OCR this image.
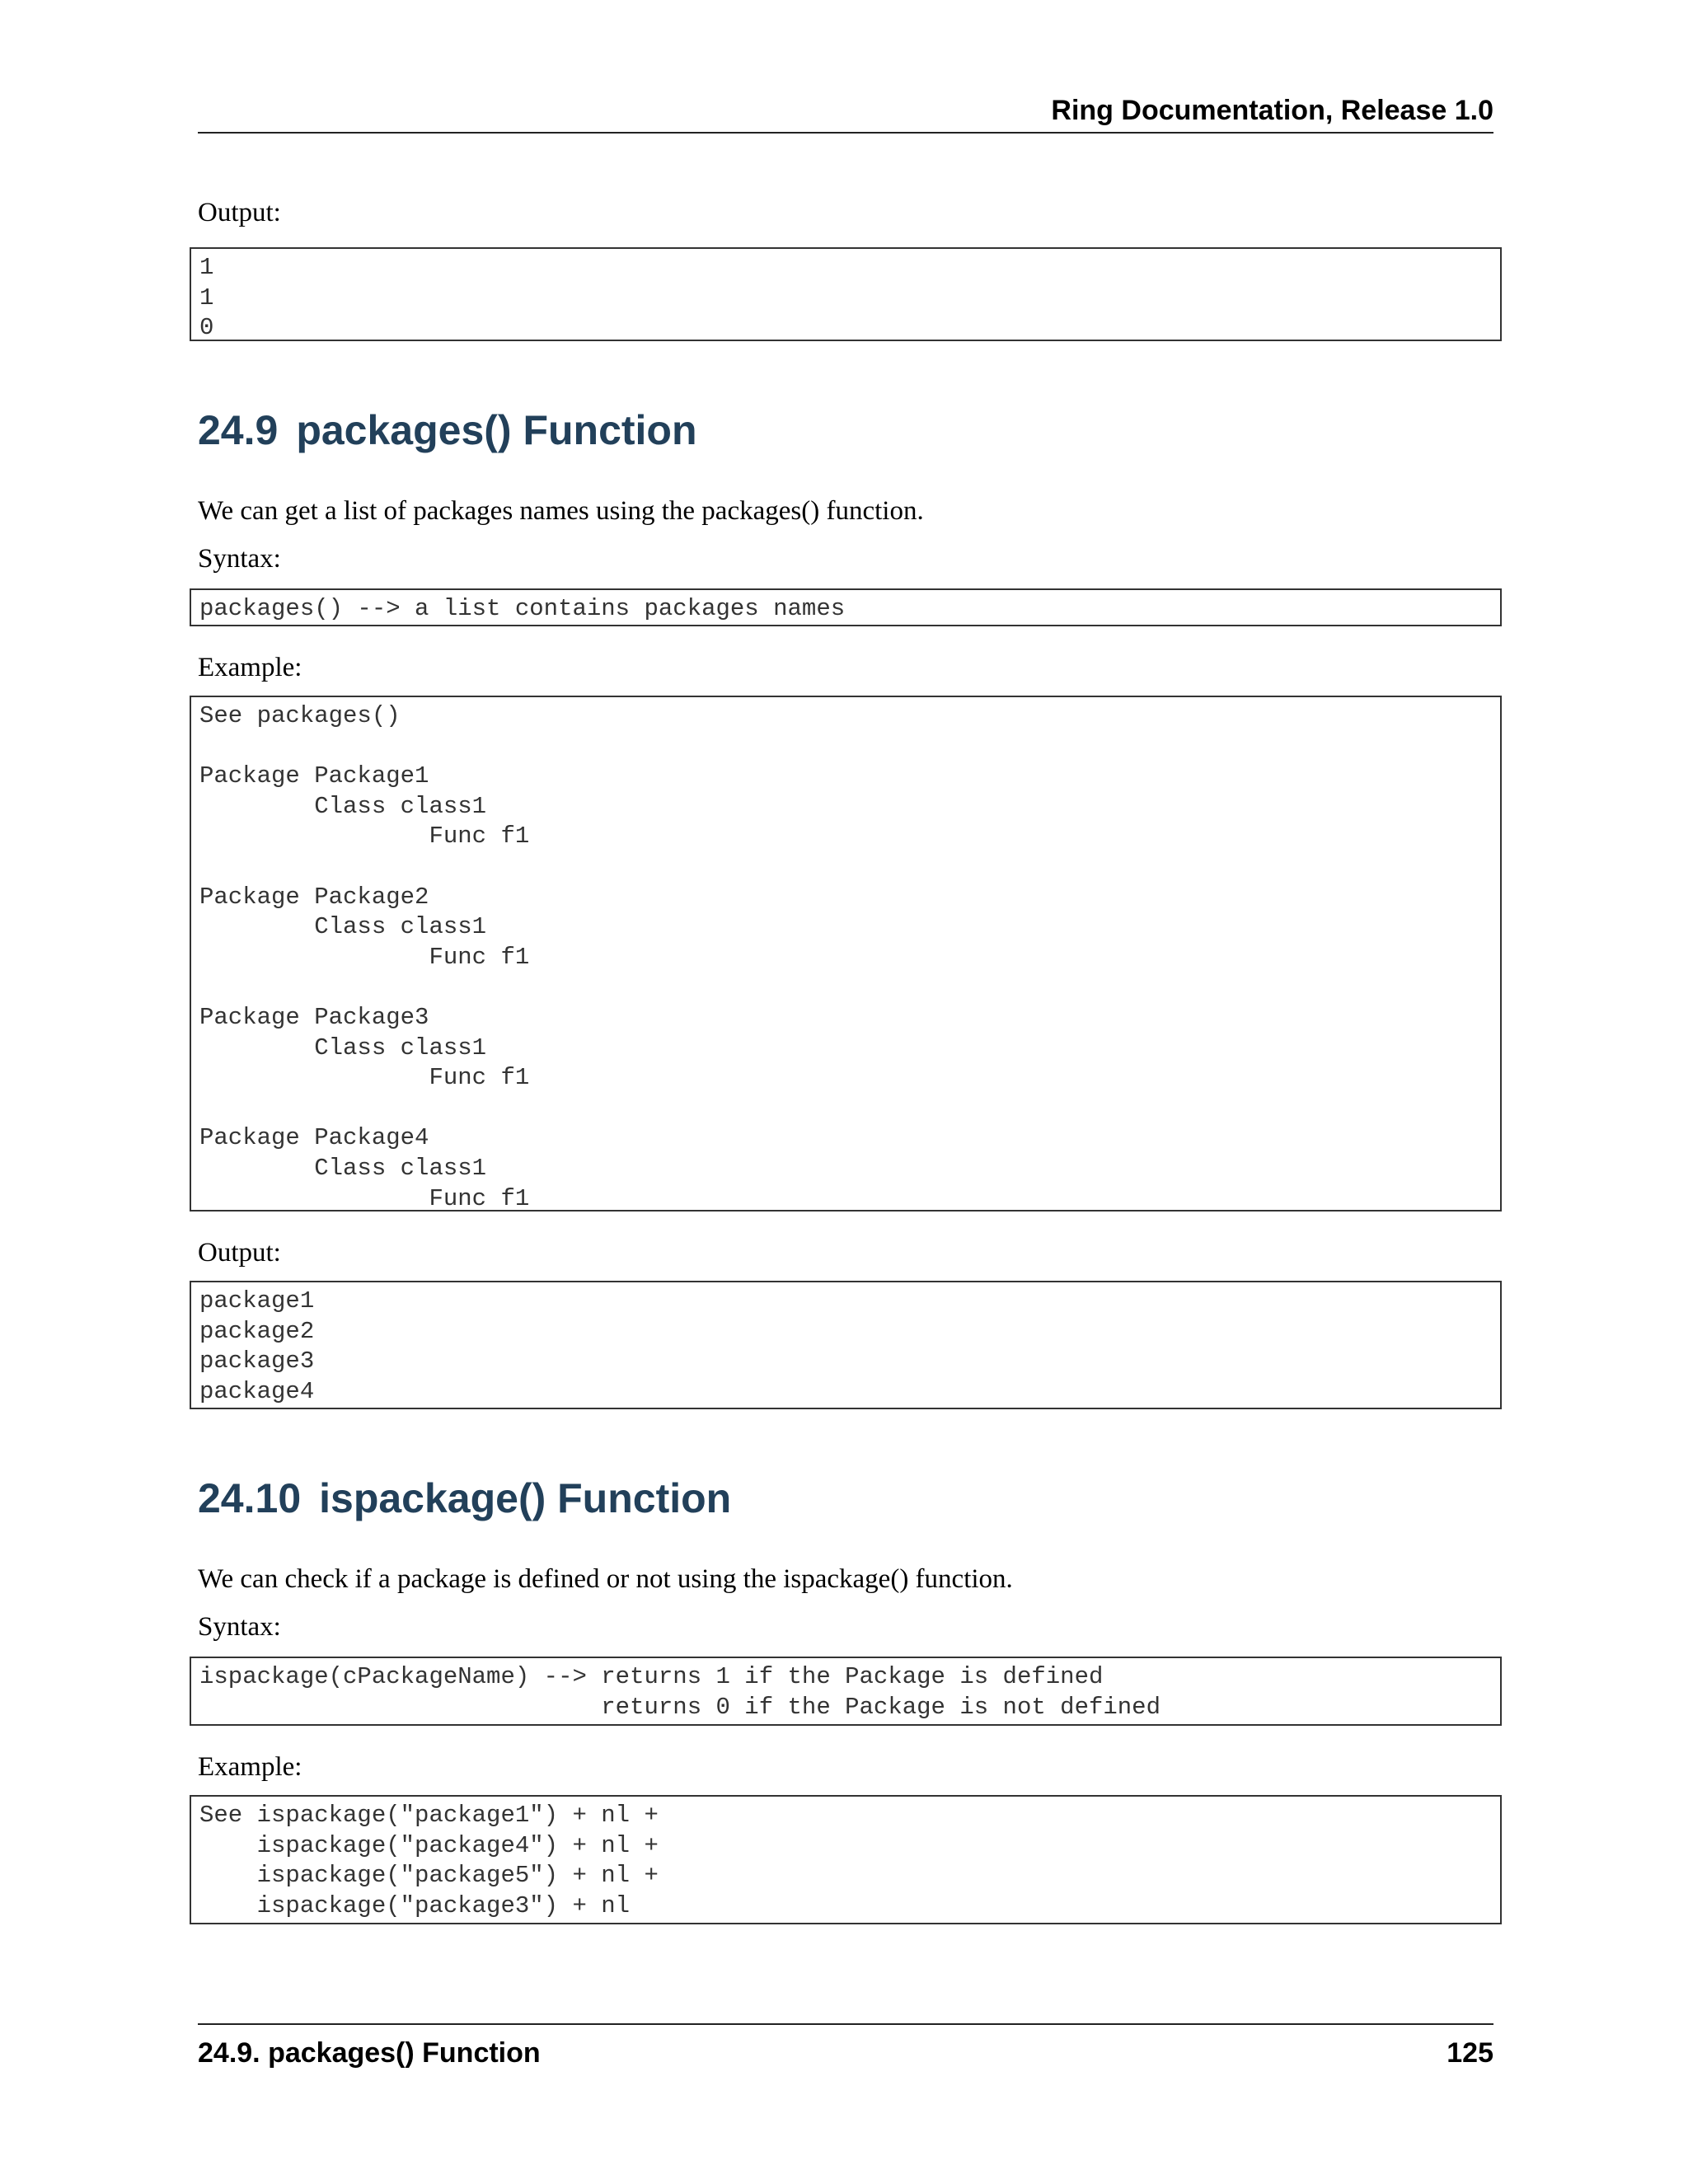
Ring Documentation, Release 1.0

Output:

1
1
0
24.9 packages() Function

We can get a list of packages names using the packages() function.

Syntax:

packages() --> a list contains packages names

Example:

See packages()

Package Package1
Class class1
Func f1

Package Package2
Class class1
Func f1

Package Package3
Class class1
Func f1

Package Package4
Class class1
Func f1

Output:

package1
package2
package3
package4
24.10 ispackage() Function

We can check if a package is defined or not using the ispackage() function.

Syntax:

ispackage(cPackageName) --> returns 1 if the Package is defined
returns 0 if the Package is not defined

Example:

See ispackage("package1") + nl +
ispackage("package4") + nl +
ispackage("package5") + nl +
ispackage("package3") + nl
24.9. packages() Function	125
